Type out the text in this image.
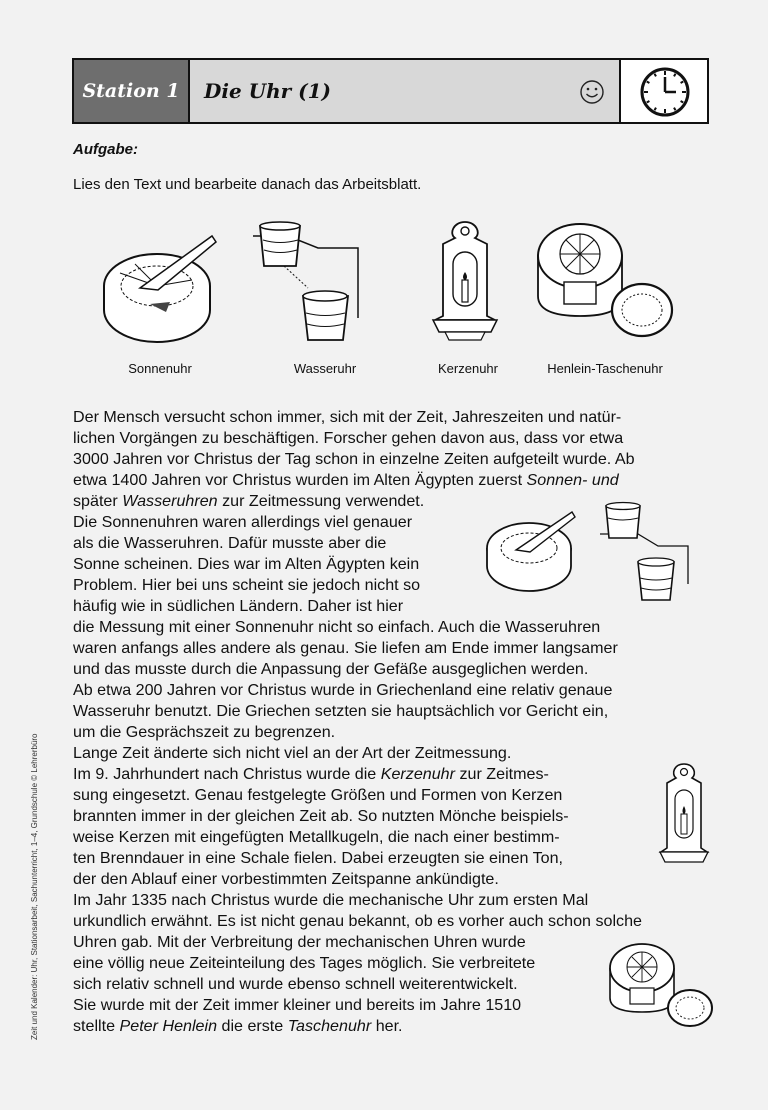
Station 1	Die Uhr (1)
Aufgabe:
Lies den Text und bearbeite danach das Arbeitsblatt.
Sonnenuhr	Wasseruhr	Kerzenuhr	Henlein-Taschenuhr
Der Mensch versucht schon immer, sich mit der Zeit, Jahreszeiten und natür-
lichen Vorgängen zu beschäftigen. Forscher gehen davon aus, dass vor etwa
3000 Jahren vor Christus der Tag schon in einzelne Zeiten aufgeteilt wurde. Ab
etwa 1400 Jahren vor Christus wurden im Alten Ägypten zuerst Sonnen- und
später Wasseruhren zur Zeitmessung verwendet.
Die Sonnenuhren waren allerdings viel genauer
als die Wasseruhren. Dafür musste aber die
Sonne scheinen. Dies war im Alten Ägypten kein
Problem. Hier bei uns scheint sie jedoch nicht so
häufig wie in südlichen Ländern. Daher ist hier
die Messung mit einer Sonnenuhr nicht so einfach. Auch die Wasseruhren
waren anfangs alles andere als genau. Sie liefen am Ende immer langsamer
und das musste durch die Anpassung der Gefäße ausgeglichen werden.
Ab etwa 200 Jahren vor Christus wurde in Griechenland eine relativ genaue
Wasseruhr benutzt. Die Griechen setzten sie hauptsächlich vor Gericht ein,
um die Gesprächszeit zu begrenzen.
Lange Zeit änderte sich nicht viel an der Art der Zeitmessung.
Im 9. Jahrhundert nach Christus wurde die Kerzenuhr zur Zeitmes-
sung eingesetzt. Genau festgelegte Größen und Formen von Kerzen
brannten immer in der gleichen Zeit ab. So nutzten Mönche beispiels-
weise Kerzen mit eingefügten Metallkugeln, die nach einer bestimm-
ten Brenndauer in eine Schale fielen. Dabei erzeugten sie einen Ton,
der den Ablauf einer vorbestimmten Zeitspanne ankündigte.
Im Jahr 1335 nach Christus wurde die mechanische Uhr zum ersten Mal
urkundlich erwähnt. Es ist nicht genau bekannt, ob es vorher auch schon solche
Uhren gab. Mit der Verbreitung der mechanischen Uhren wurde
eine völlig neue Zeiteinteilung des Tages möglich. Sie verbreitete
sich relativ schnell und wurde ebenso schnell weiterentwickelt.
Sie wurde mit der Zeit immer kleiner und bereits im Jahre 1510
stellte Peter Henlein die erste Taschenuhr her.
Zeit und Kalender: Uhr, Stationsarbeit, Sachunterricht, 1–4, Grundschule © Lehrerbüro
